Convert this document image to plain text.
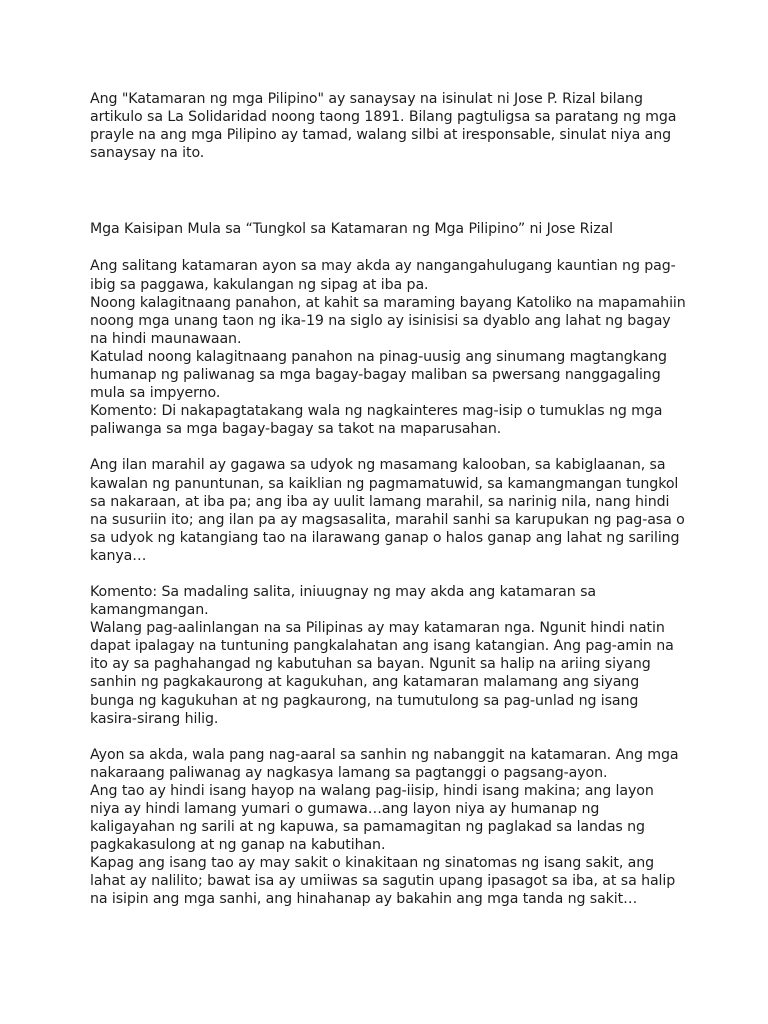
Ang "Katamaran ng mga Pilipino" ay sanaysay na isinulat ni Jose P. Rizal bilang
artikulo sa La Solidaridad noong taong 1891. Bilang pagtuligsa sa paratang ng mga
prayle na ang mga Pilipino ay tamad, walang silbi at iresponsable, sinulat niya ang
sanaysay na ito.

Mga Kaisipan Mula sa “Tungkol sa Katamaran ng Mga Pilipino” ni Jose Rizal

Ang salitang katamaran ayon sa may akda ay nangangahulugang kauntian ng pag-
ibig sa paggawa, kakulangan ng sipag at iba pa.
Noong kalagitnaang panahon, at kahit sa maraming bayang Katoliko na mapamahiin
noong mga unang taon ng ika-19 na siglo ay isinisisi sa dyablo ang lahat ng bagay
na hindi maunawaan.
Katulad noong kalagitnaang panahon na pinag-uusig ang sinumang magtangkang
humanap ng paliwanag sa mga bagay-bagay maliban sa pwersang nanggagaling
mula sa impyerno.
Komento: Di nakapagtatakang wala ng nagkainteres mag-isip o tumuklas ng mga
paliwanga sa mga bagay-bagay sa takot na maparusahan.

Ang ilan marahil ay gagawa sa udyok ng masamang kalooban, sa kabiglaanan, sa
kawalan ng panuntunan, sa kaiklian ng pagmamatuwid, sa kamangmangan tungkol
sa nakaraan, at iba pa; ang iba ay uulit lamang marahil, sa narinig nila, nang hindi
na susuriin ito; ang ilan pa ay magsasalita, marahil sanhi sa karupukan ng pag-asa o
sa udyok ng katangiang tao na ilarawang ganap o halos ganap ang lahat ng sariling
kanya…

Komento: Sa madaling salita, iniuugnay ng may akda ang katamaran sa
kamangmangan.
Walang pag-aalinlangan na sa Pilipinas ay may katamaran nga. Ngunit hindi natin
dapat ipalagay na tuntuning pangkalahatan ang isang katangian. Ang pag-amin na
ito ay sa paghahangad ng kabutuhan sa bayan. Ngunit sa halip na ariing siyang
sanhin ng pagkakaurong at kagukuhan, ang katamaran malamang ang siyang
bunga ng kagukuhan at ng pagkaurong, na tumutulong sa pag-unlad ng isang
kasira-sirang hilig.

Ayon sa akda, wala pang nag-aaral sa sanhin ng nabanggit na katamaran. Ang mga
nakaraang paliwanag ay nagkasya lamang sa pagtanggi o pagsang-ayon.
Ang tao ay hindi isang hayop na walang pag-iisip, hindi isang makina; ang layon
niya ay hindi lamang yumari o gumawa…ang layon niya ay humanap ng
kaligayahan ng sarili at ng kapuwa, sa pamamagitan ng paglakad sa landas ng
pagkakasulong at ng ganap na kabutihan.
Kapag ang isang tao ay may sakit o kinakitaan ng sinatomas ng isang sakit, ang
lahat ay nalilito; bawat isa ay umiiwas sa sagutin upang ipasagot sa iba, at sa halip
na isipin ang mga sanhi, ang hinahanap ay bakahin ang mga tanda ng sakit…
